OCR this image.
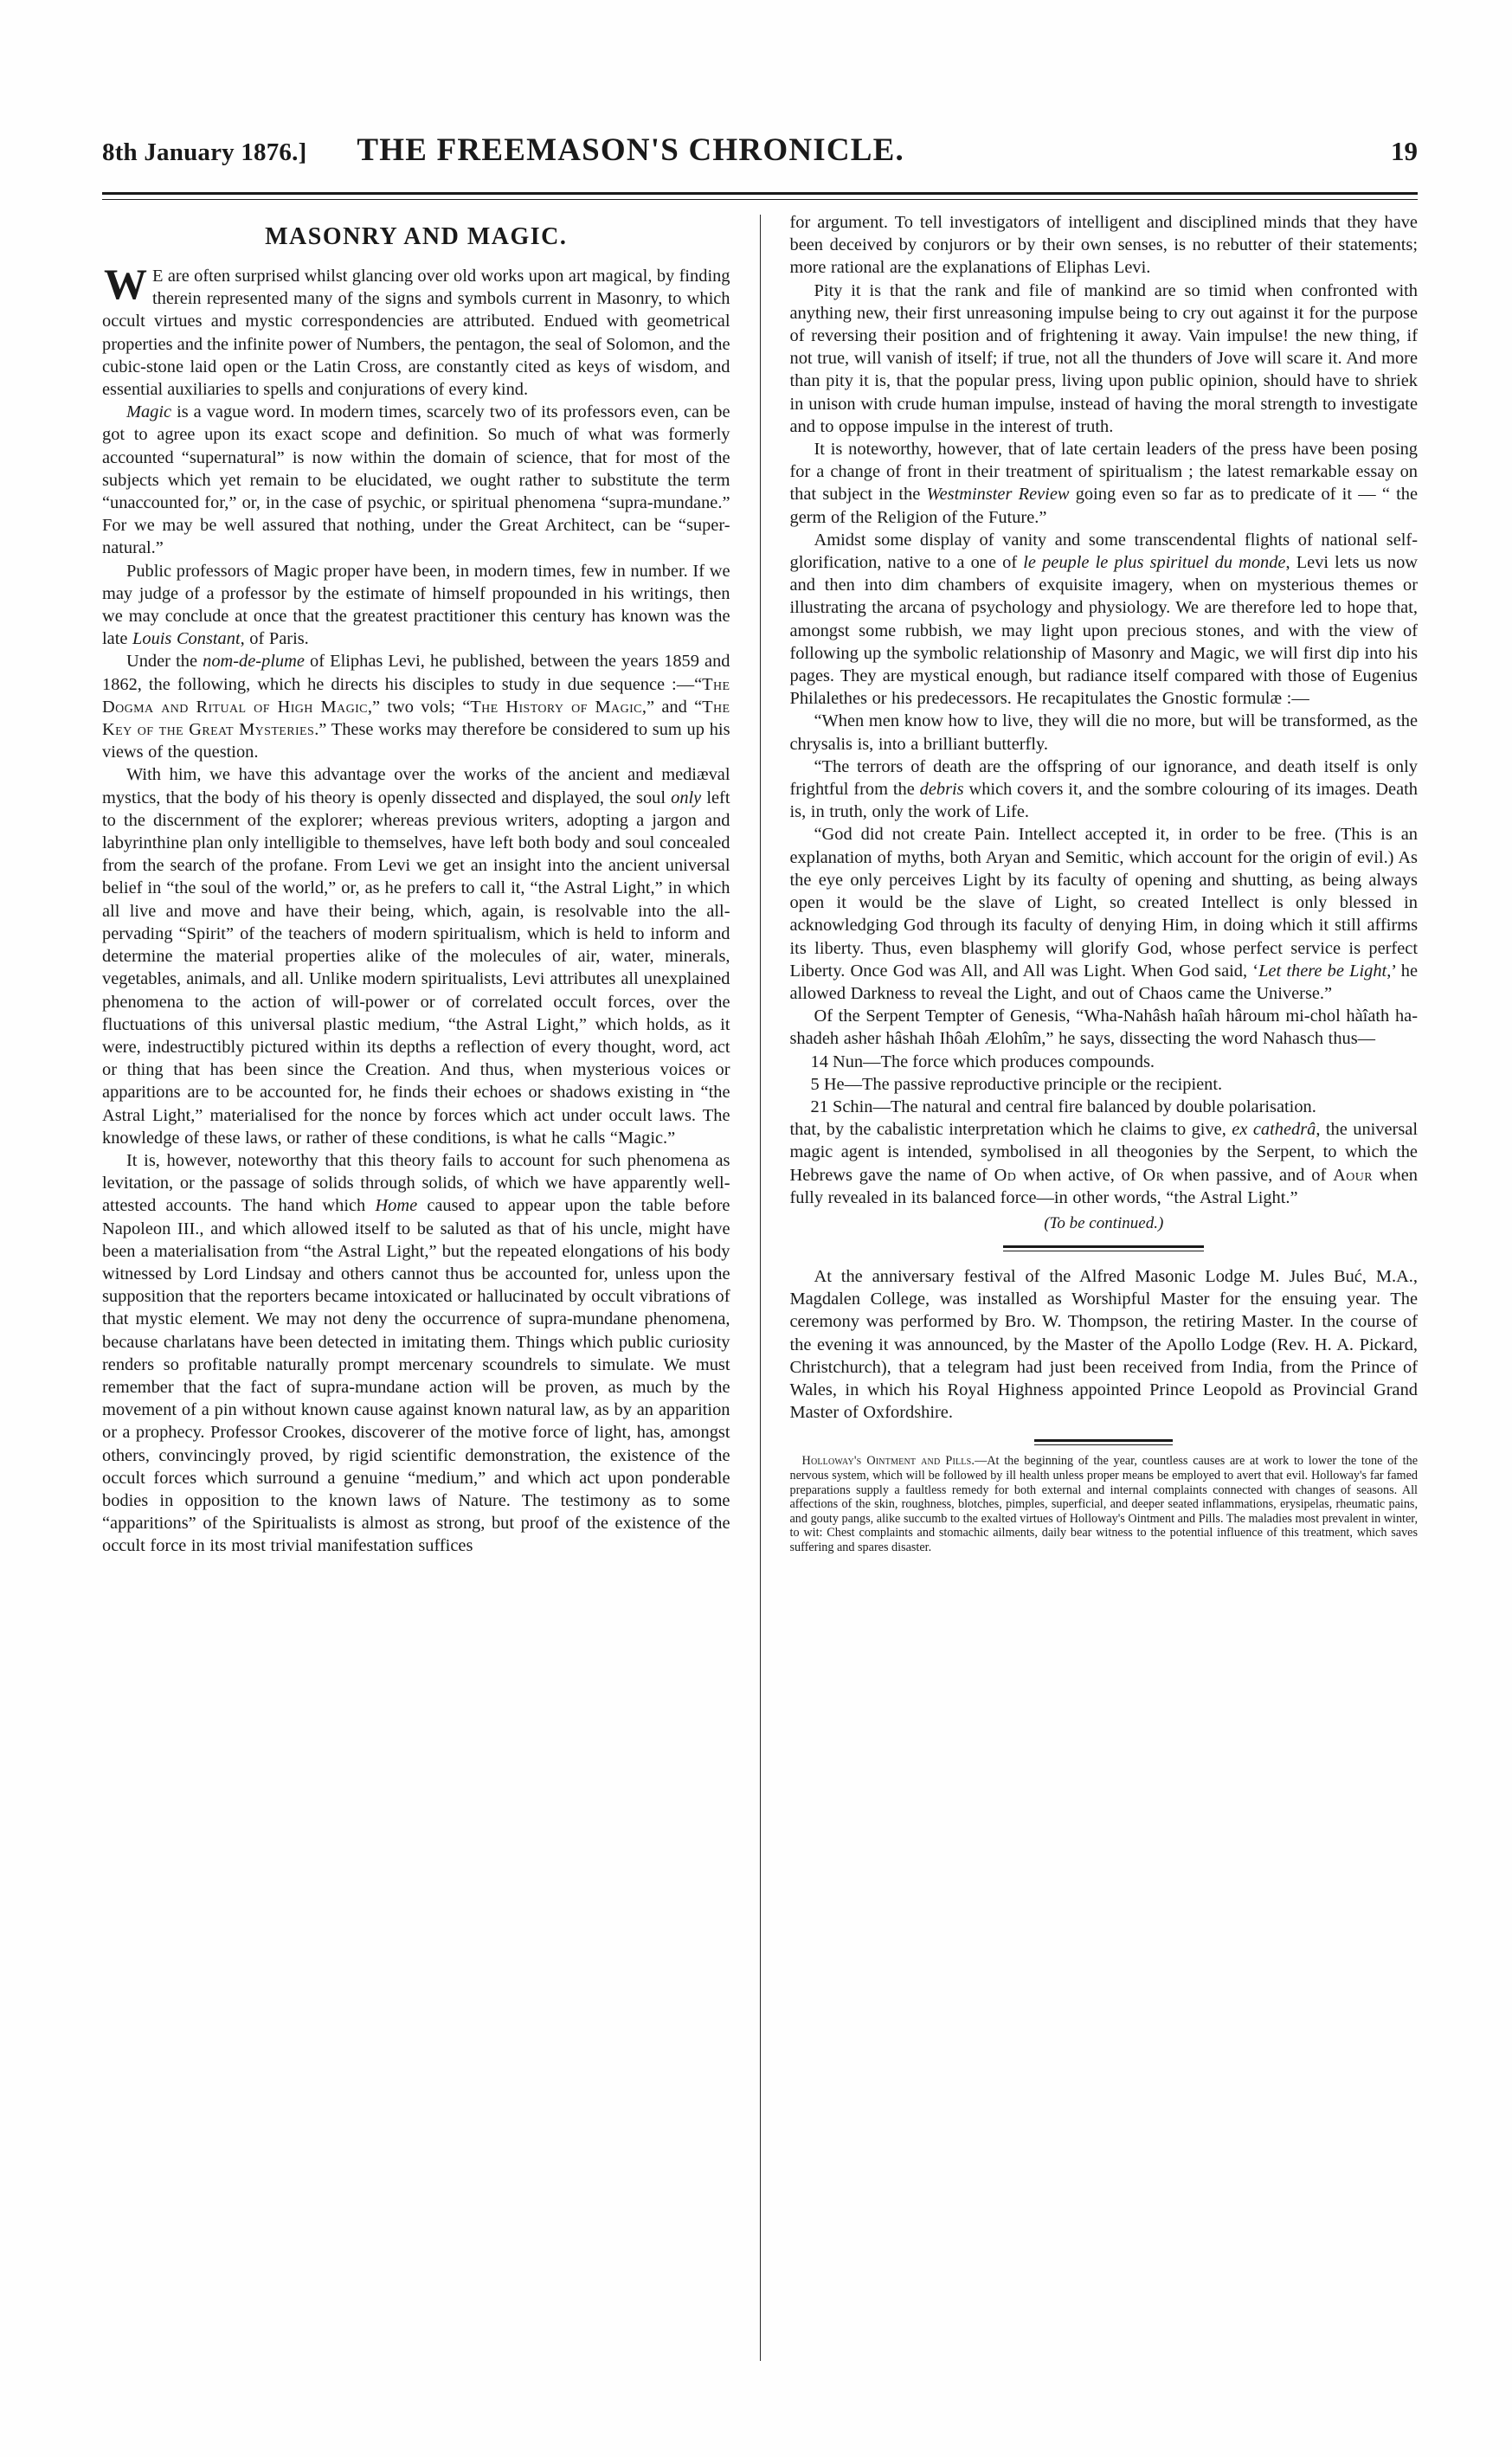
8th January 1876.] THE FREEMASON'S CHRONICLE.	19
MASONRY AND MAGIC.

W E are often surprised whilst glancing over old works upon art magical, by finding therein represented many of the signs and symbols current in Masonry, to which occult virtues and mystic correspondencies are attributed. Endued with geometrical properties and the infinite power of Numbers, the pentagon, the seal of Solomon, and the cubic-stone laid open or the Latin Cross, are constantly cited as keys of wisdom, and essential auxiliaries to spells and conjurations of every kind.

Magic is a vague word. In modern times, scarcely two of its professors even, can be got to agree upon its exact scope and definition. So much of what was formerly accounted “supernatural” is now within the domain of science, that for most of the subjects which yet remain to be elucidated, we ought rather to substitute the term “unaccounted for,” or, in the case of psychic, or spiritual phenomena “supra-mundane.” For we may be well assured that nothing, under the Great Architect, can be “super-natural.”

Public professors of Magic proper have been, in modern times, few in number. If we may judge of a professor by the estimate of himself propounded in his writings, then we may conclude at once that the greatest practitioner this century has known was the late Louis Constant, of Paris.

Under the nom-de-plume of Eliphas Levi, he published, between the years 1859 and 1862, the following, which he directs his disciples to study in due sequence :—“The Dogma and Ritual of High Magic,” two vols; “The History of Magic,” and “The Key of the Great Mysteries.” These works may therefore be considered to sum up his views of the question.

With him, we have this advantage over the works of the ancient and mediæval mystics, that the body of his theory is openly dissected and displayed, the soul only left to the discernment of the explorer; whereas previous writers, adopting a jargon and labyrinthine plan only intelligible to themselves, have left both body and soul concealed from the search of the profane. From Levi we get an insight into the ancient universal belief in “the soul of the world,” or, as he prefers to call it, “the Astral Light,” in which all live and move and have their being, which, again, is resolvable into the all-pervading “Spirit” of the teachers of modern spiritualism, which is held to inform and determine the material properties alike of the molecules of air, water, minerals, vegetables, animals, and all. Unlike modern spiritualists, Levi attributes all unexplained phenomena to the action of will-power or of correlated occult forces, over the fluctuations of this universal plastic medium, “the Astral Light,” which holds, as it were, indestructibly pictured within its depths a reflection of every thought, word, act or thing that has been since the Creation. And thus, when mysterious voices or apparitions are to be accounted for, he finds their echoes or shadows existing in “the Astral Light,” materialised for the nonce by forces which act under occult laws. The knowledge of these laws, or rather of these conditions, is what he calls “Magic.”

It is, however, noteworthy that this theory fails to account for such phenomena as levitation, or the passage of solids through solids, of which we have apparently well-attested accounts. The hand which Home caused to appear upon the table before Napoleon III., and which allowed itself to be saluted as that of his uncle, might have been a materialisation from “the Astral Light,” but the repeated elongations of his body witnessed by Lord Lindsay and others cannot thus be accounted for, unless upon the supposition that the reporters became intoxicated or hallucinated by occult vibrations of that mystic element. We may not deny the occurrence of supra-mundane phenomena, because charlatans have been detected in imitating them. Things which public curiosity renders so profitable naturally prompt mercenary scoundrels to simulate. We must remember that the fact of supra-mundane action will be proven, as much by the movement of a pin without known cause against known natural law, as by an apparition or a prophecy. Professor Crookes, discoverer of the motive force of light, has, amongst others, convincingly proved, by rigid scientific demonstration, the existence of the occult forces which surround a genuine “medium,” and which act upon ponderable bodies in opposition to the known laws of Nature. The testimony as to some “apparitions” of the Spiritualists is almost as strong, but proof of the existence of the occult force in its most trivial manifestation suffices

for argument. To tell investigators of intelligent and disciplined minds that they have been deceived by conjurors or by their own senses, is no rebutter of their statements; more rational are the explanations of Eliphas Levi.

Pity it is that the rank and file of mankind are so timid when confronted with anything new, their first unreasoning impulse being to cry out against it for the purpose of reversing their position and of frightening it away. Vain impulse! the new thing, if not true, will vanish of itself; if true, not all the thunders of Jove will scare it. And more than pity it is, that the popular press, living upon public opinion, should have to shriek in unison with crude human impulse, instead of having the moral strength to investigate and to oppose impulse in the interest of truth.

It is noteworthy, however, that of late certain leaders of the press have been posing for a change of front in their treatment of spiritualism ; the latest remarkable essay on that subject in the Westminster Review going even so far as to predicate of it — “ the germ of the Religion of the Future.”

Amidst some display of vanity and some transcendental flights of national self-glorification, native to a one of le peuple le plus spirituel du monde, Levi lets us now and then into dim chambers of exquisite imagery, when on mysterious themes or illustrating the arcana of psychology and physiology. We are therefore led to hope that, amongst some rubbish, we may light upon precious stones, and with the view of following up the symbolic relationship of Masonry and Magic, we will first dip into his pages. They are mystical enough, but radiance itself compared with those of Eugenius Philalethes or his predecessors. He recapitulates the Gnostic formulæ :—

“When men know how to live, they will die no more, but will be transformed, as the chrysalis is, into a brilliant butterfly.

“The terrors of death are the offspring of our ignorance, and death itself is only frightful from the debris which covers it, and the sombre colouring of its images. Death is, in truth, only the work of Life.

“God did not create Pain. Intellect accepted it, in order to be free. (This is an explanation of myths, both Aryan and Semitic, which account for the origin of evil.) As the eye only perceives Light by its faculty of opening and shutting, as being always open it would be the slave of Light, so created Intellect is only blessed in acknowledging God through its faculty of denying Him, in doing which it still affirms its liberty. Thus, even blasphemy will glorify God, whose perfect service is perfect Liberty. Once God was All, and All was Light. When God said, ‘Let there be Light,’ he allowed Darkness to reveal the Light, and out of Chaos came the Universe.”

Of the Serpent Tempter of Genesis, “Wha-Nahâsh haîah hâroum mi-chol hàîath ha-shadeh asher hâshah Ihôah Ælohîm,” he says, dissecting the word Nahasch thus—

14 Nun—The force which produces compounds.
5 He—The passive reproductive principle or the recipient.
21 Schin—The natural and central fire balanced by double polarisation.

that, by the cabalistic interpretation which he claims to give, ex cathedrâ, the universal magic agent is intended, symbolised in all theogonies by the Serpent, to which the Hebrews gave the name of Od when active, of Or when passive, and of Aour when fully revealed in its balanced force—in other words, “the Astral Light.”

(To be continued.)

At the anniversary festival of the Alfred Masonic Lodge M. Jules Buć, M.A., Magdalen College, was installed as Worshipful Master for the ensuing year. The ceremony was performed by Bro. W. Thompson, the retiring Master. In the course of the evening it was announced, by the Master of the Apollo Lodge (Rev. H. A. Pickard, Christchurch), that a telegram had just been received from India, from the Prince of Wales, in which his Royal Highness appointed Prince Leopold as Provincial Grand Master of Oxfordshire.

Holloway's Ointment and Pills.—At the beginning of the year, countless causes are at work to lower the tone of the nervous system, which will be followed by ill health unless proper means be employed to avert that evil. Holloway's far famed preparations supply a faultless remedy for both external and internal complaints connected with changes of seasons. All affections of the skin, roughness, blotches, pimples, superficial, and deeper seated inflammations, erysipelas, rheumatic pains, and gouty pangs, alike succumb to the exalted virtues of Holloway's Ointment and Pills. The maladies most prevalent in winter, to wit: Chest complaints and stomachic ailments, daily bear witness to the potential influence of this treatment, which saves suffering and spares disaster.
